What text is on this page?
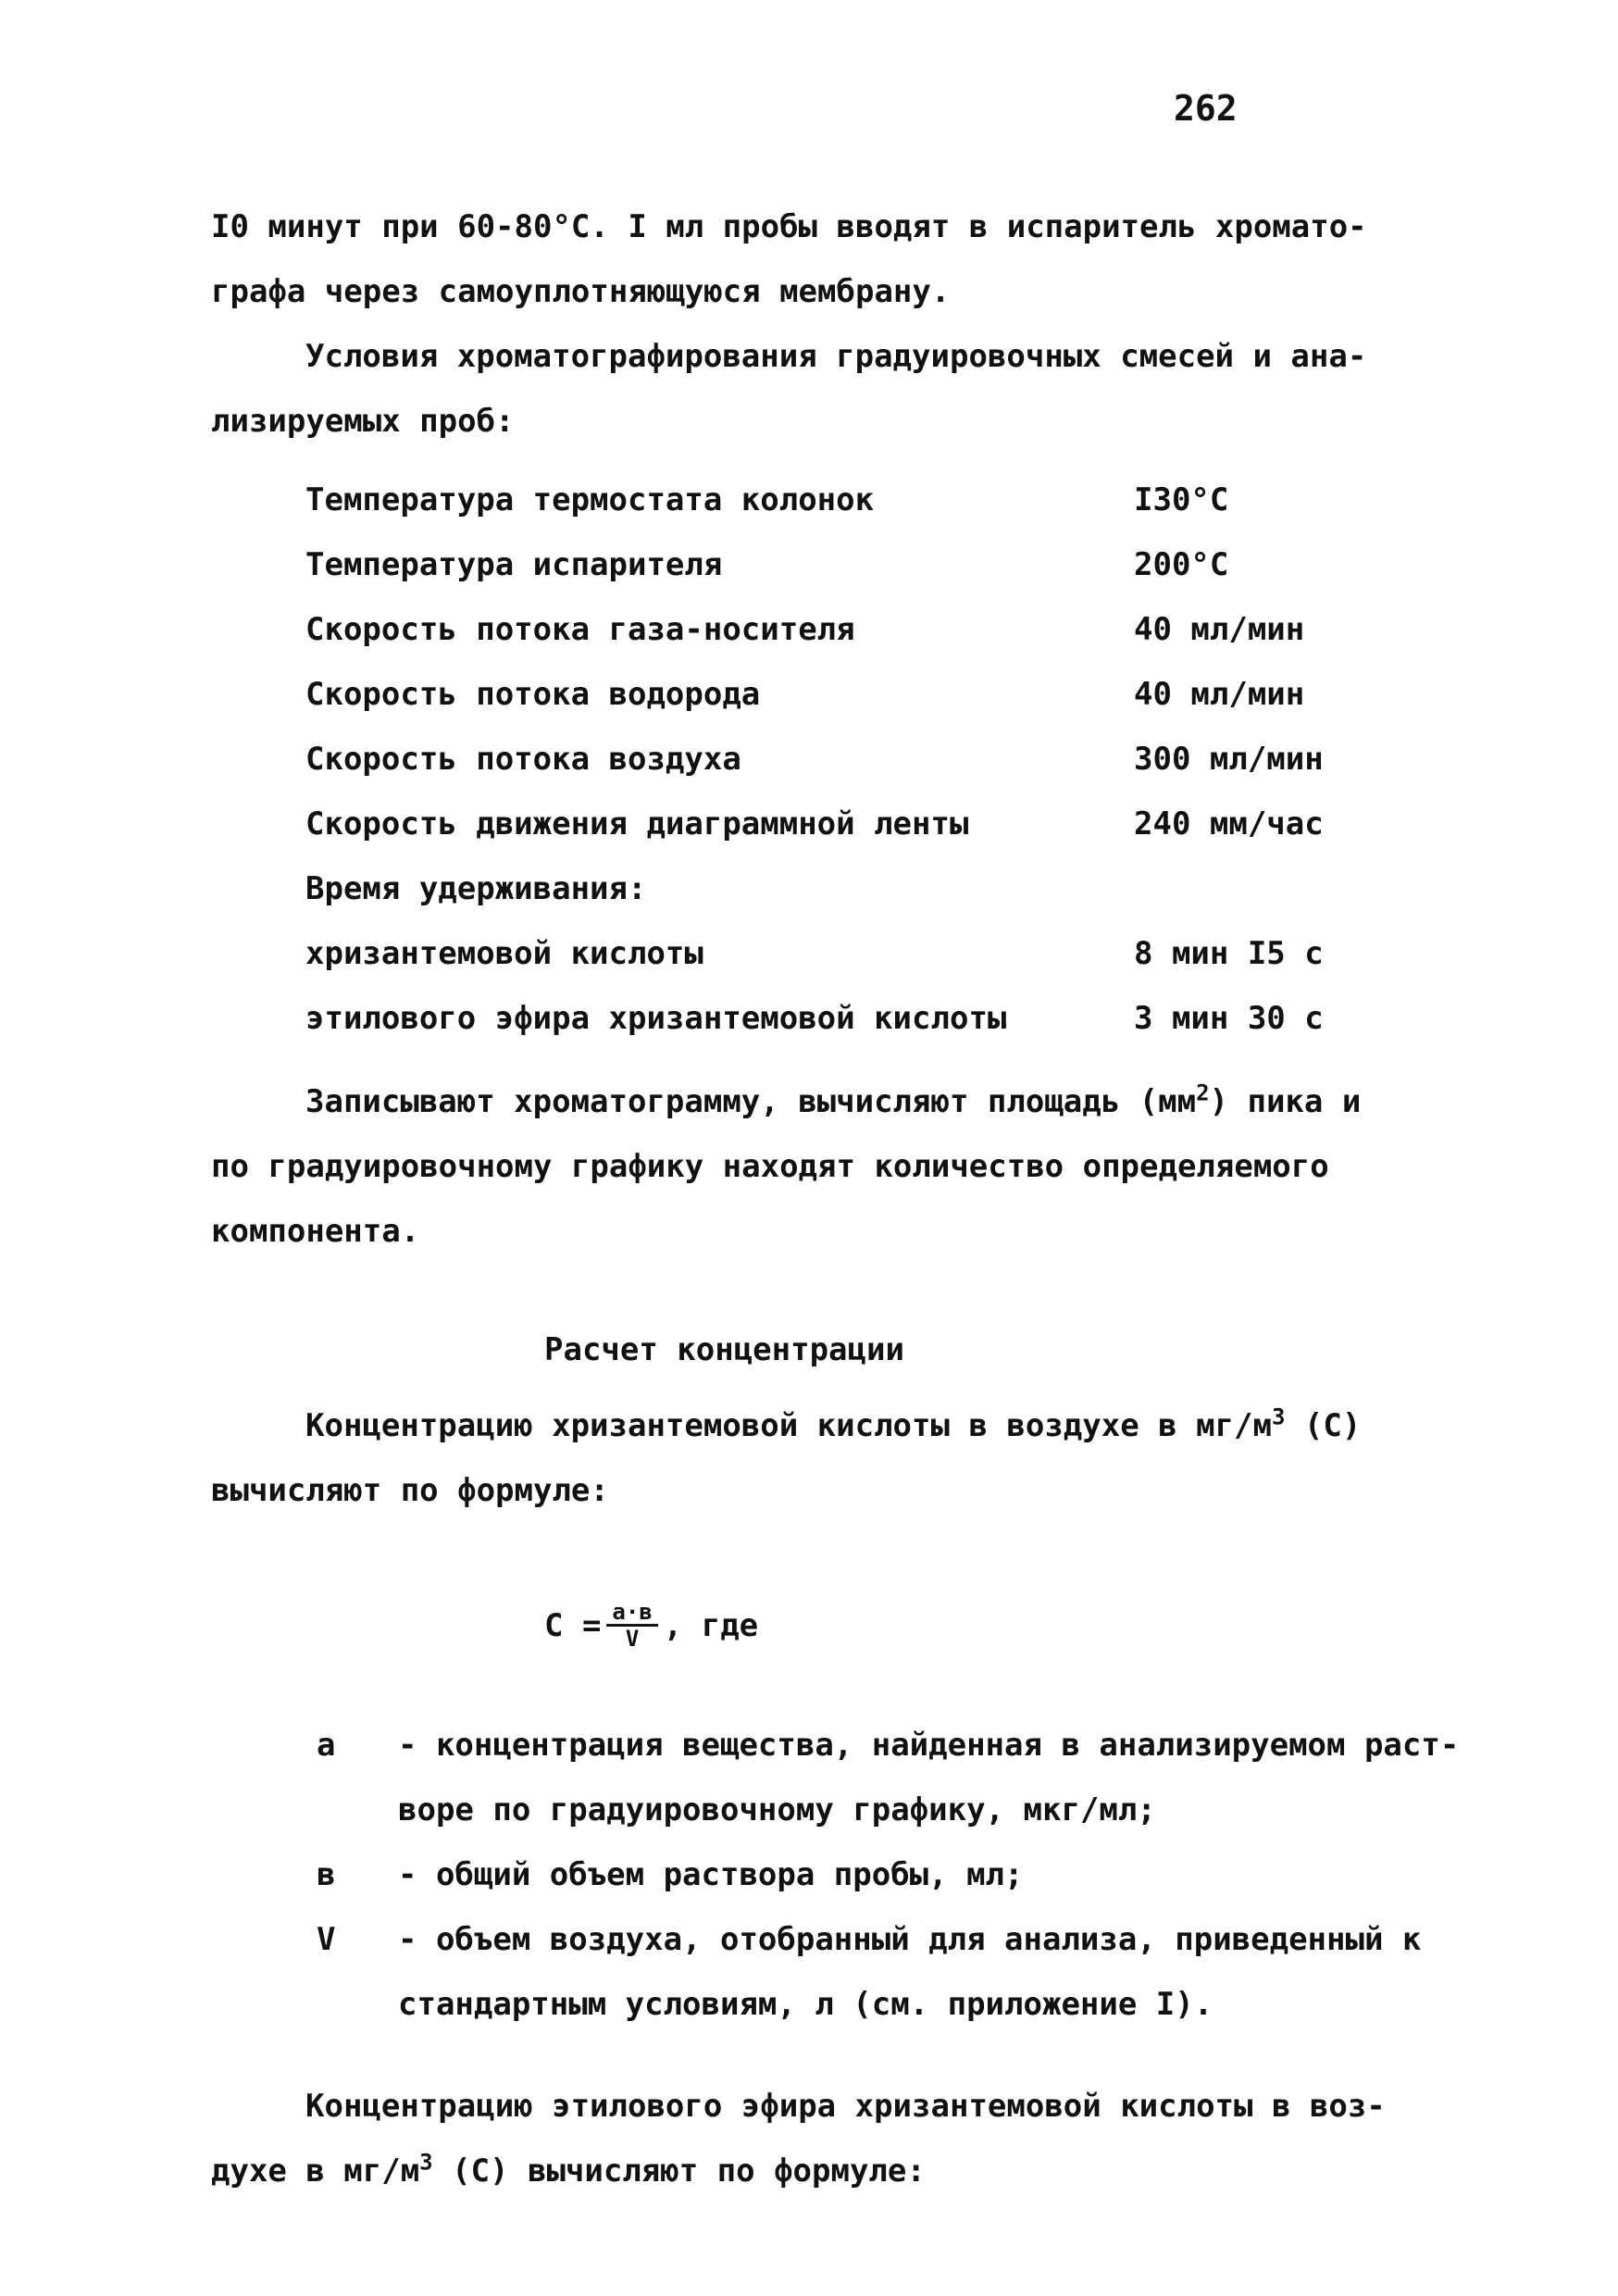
262
I0 минут при 60-80°С. I мл пробы вводят в испаритель хромато-
графа через самоуплотняющуюся мембрану.
Условия хроматографирования градуировочных смесей и ана-
лизируемых проб:
Температура термостата колонок	I30°С
Температура испарителя	200°С
Скорость потока газа-носителя	40 мл/мин
Скорость потока водорода	40 мл/мин
Скорость потока воздуха	300 мл/мин
Скорость движения диаграммной ленты	240 мм/час
Время удерживания:
хризантемовой кислоты	8 мин I5 с
этилового эфира хризантемовой кислоты	3 мин 30 с
Записывают хроматограмму, вычисляют площадь $(мм^2)$ пика и
по градуировочному графику находят количество определяемого
компонента.
Расчет концентрации
Концентрацию хризантемовой кислоты в воздухе в $мг/м^3$ (С)
вычисляют по формуле:
$С = \frac{а\cdot в}{V}$ , где
а - концентрация вещества, найденная в анализируемом раст-
воре по градуировочному графику, мкг/мл;
в - общий объем раствора пробы, мл;
V - объем воздуха, отобранный для анализа, приведенный к
стандартным условиям, л (см. приложение I).
Концентрацию этилового эфира хризантемовой кислоты в воз-
духе в $мг/м^3$ (С) вычисляют по формуле:
